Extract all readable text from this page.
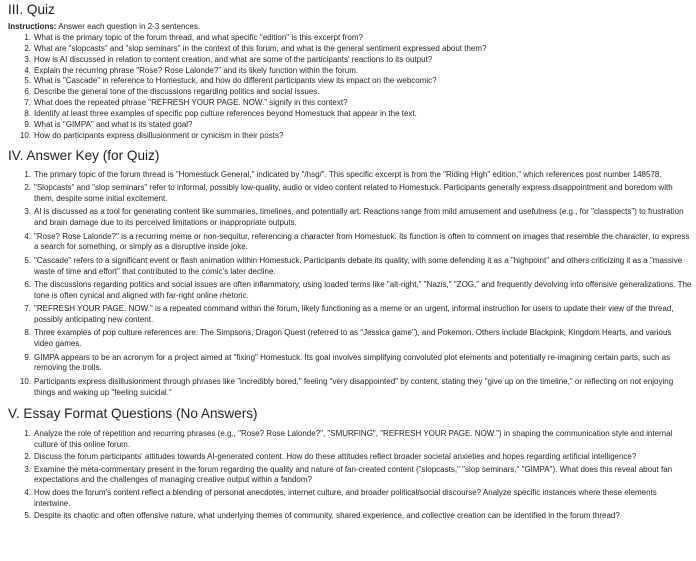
III. Quiz

Instructions: Answer each question in 2-3 sentences.

1. What is the primary topic of the forum thread, and what specific "edition" is this excerpt from?
2. What are "slopcasts" and "slop seminars" in the context of this forum, and what is the general sentiment expressed about them?
3. How is AI discussed in relation to content creation, and what are some of the participants' reactions to its output?
4. Explain the recurring phrase "Rose? Rose Lalonde?" and its likely function within the forum.
5. What is "Cascade" in reference to Homestuck, and how do different participants view its impact on the webcomic?
6. Describe the general tone of the discussions regarding politics and social issues.
7. What does the repeated phrase "REFRESH YOUR PAGE. NOW." signify in this context?
8. Identify at least three examples of specific pop culture references beyond Homestuck that appear in the text.
9. What is "GIMPA" and what is its stated goal?
10. How do participants express disillusionment or cynicism in their posts?
IV. Answer Key (for Quiz)
1. The primary topic of the forum thread is "Homestuck General," indicated by "/hsg/". This specific excerpt is from the "Riding High" edition," which references post number 148578.
2. "Slopcasts" and "slop seminars" refer to informal, possibly low-quality, audio or video content related to Homestuck. Participants generally express disappointment and boredom with them, despite some initial excitement.
3. AI is discussed as a tool for generating content like summaries, timelines, and potentially art. Reactions range from mild amusement and usefulness (e.g., for "classpects") to frustration and brain damage due to its perceived limitations or inappropriate outputs.
4. "Rose? Rose Lalonde?" is a recurring meme or non-sequitur, referencing a character from Homestuck. Its function is often to comment on images that resemble the character, to express a search for something, or simply as a disruptive inside joke.
5. "Cascade" refers to a significant event or flash animation within Homestuck. Participants debate its quality, with some defending it as a "highpoint" and others criticizing it as a "massive waste of time and effort" that contributed to the comic's later decline.
6. The discussions regarding politics and social issues are often inflammatory, using loaded terms like "alt-right," "Nazis," "ZOG," and frequently devolving into offensive generalizations. The tone is often cynical and aligned with far-right online rhetoric.
7. "REFRESH YOUR PAGE. NOW." is a repeated command within the forum, likely functioning as a meme or an urgent, informal instruction for users to update their view of the thread, possibly anticipating new content.
8. Three examples of pop culture references are: The Simpsons, Dragon Quest (referred to as "Jessica game"), and Pokemon. Others include Blackpink, Kingdom Hearts, and various video games.
9. GIMPA appears to be an acronym for a project aimed at "fixing" Homestuck. Its goal involves simplifying convoluted plot elements and potentially re-imagining certain parts, such as removing the trolls.
10. Participants express disillusionment through phrases like "incredibly bored," feeling "very disappointed" by content, stating they "give up on the timeline," or reflecting on not enjoying things and waking up "feeling suicidal."
V. Essay Format Questions (No Answers)
1. Analyze the role of repetition and recurring phrases (e.g., "Rose? Rose Lalonde?", "SMURFING", "REFRESH YOUR PAGE. NOW.") in shaping the communication style and internal culture of this online forum.
2. Discuss the forum participants' attitudes towards AI-generated content. How do these attitudes reflect broader societal anxieties and hopes regarding artificial intelligence?
3. Examine the meta-commentary present in the forum regarding the quality and nature of fan-created content ("slopcasts," "slop seminars," "GIMPA"). What does this reveal about fan expectations and the challenges of managing creative output within a fandom?
4. How does the forum's content reflect a blending of personal anecdotes, internet culture, and broader political/social discourse? Analyze specific instances where these elements intertwine.
5. Despite its chaotic and often offensive nature, what underlying themes of community, shared experience, and collective creation can be identified in the forum thread?
